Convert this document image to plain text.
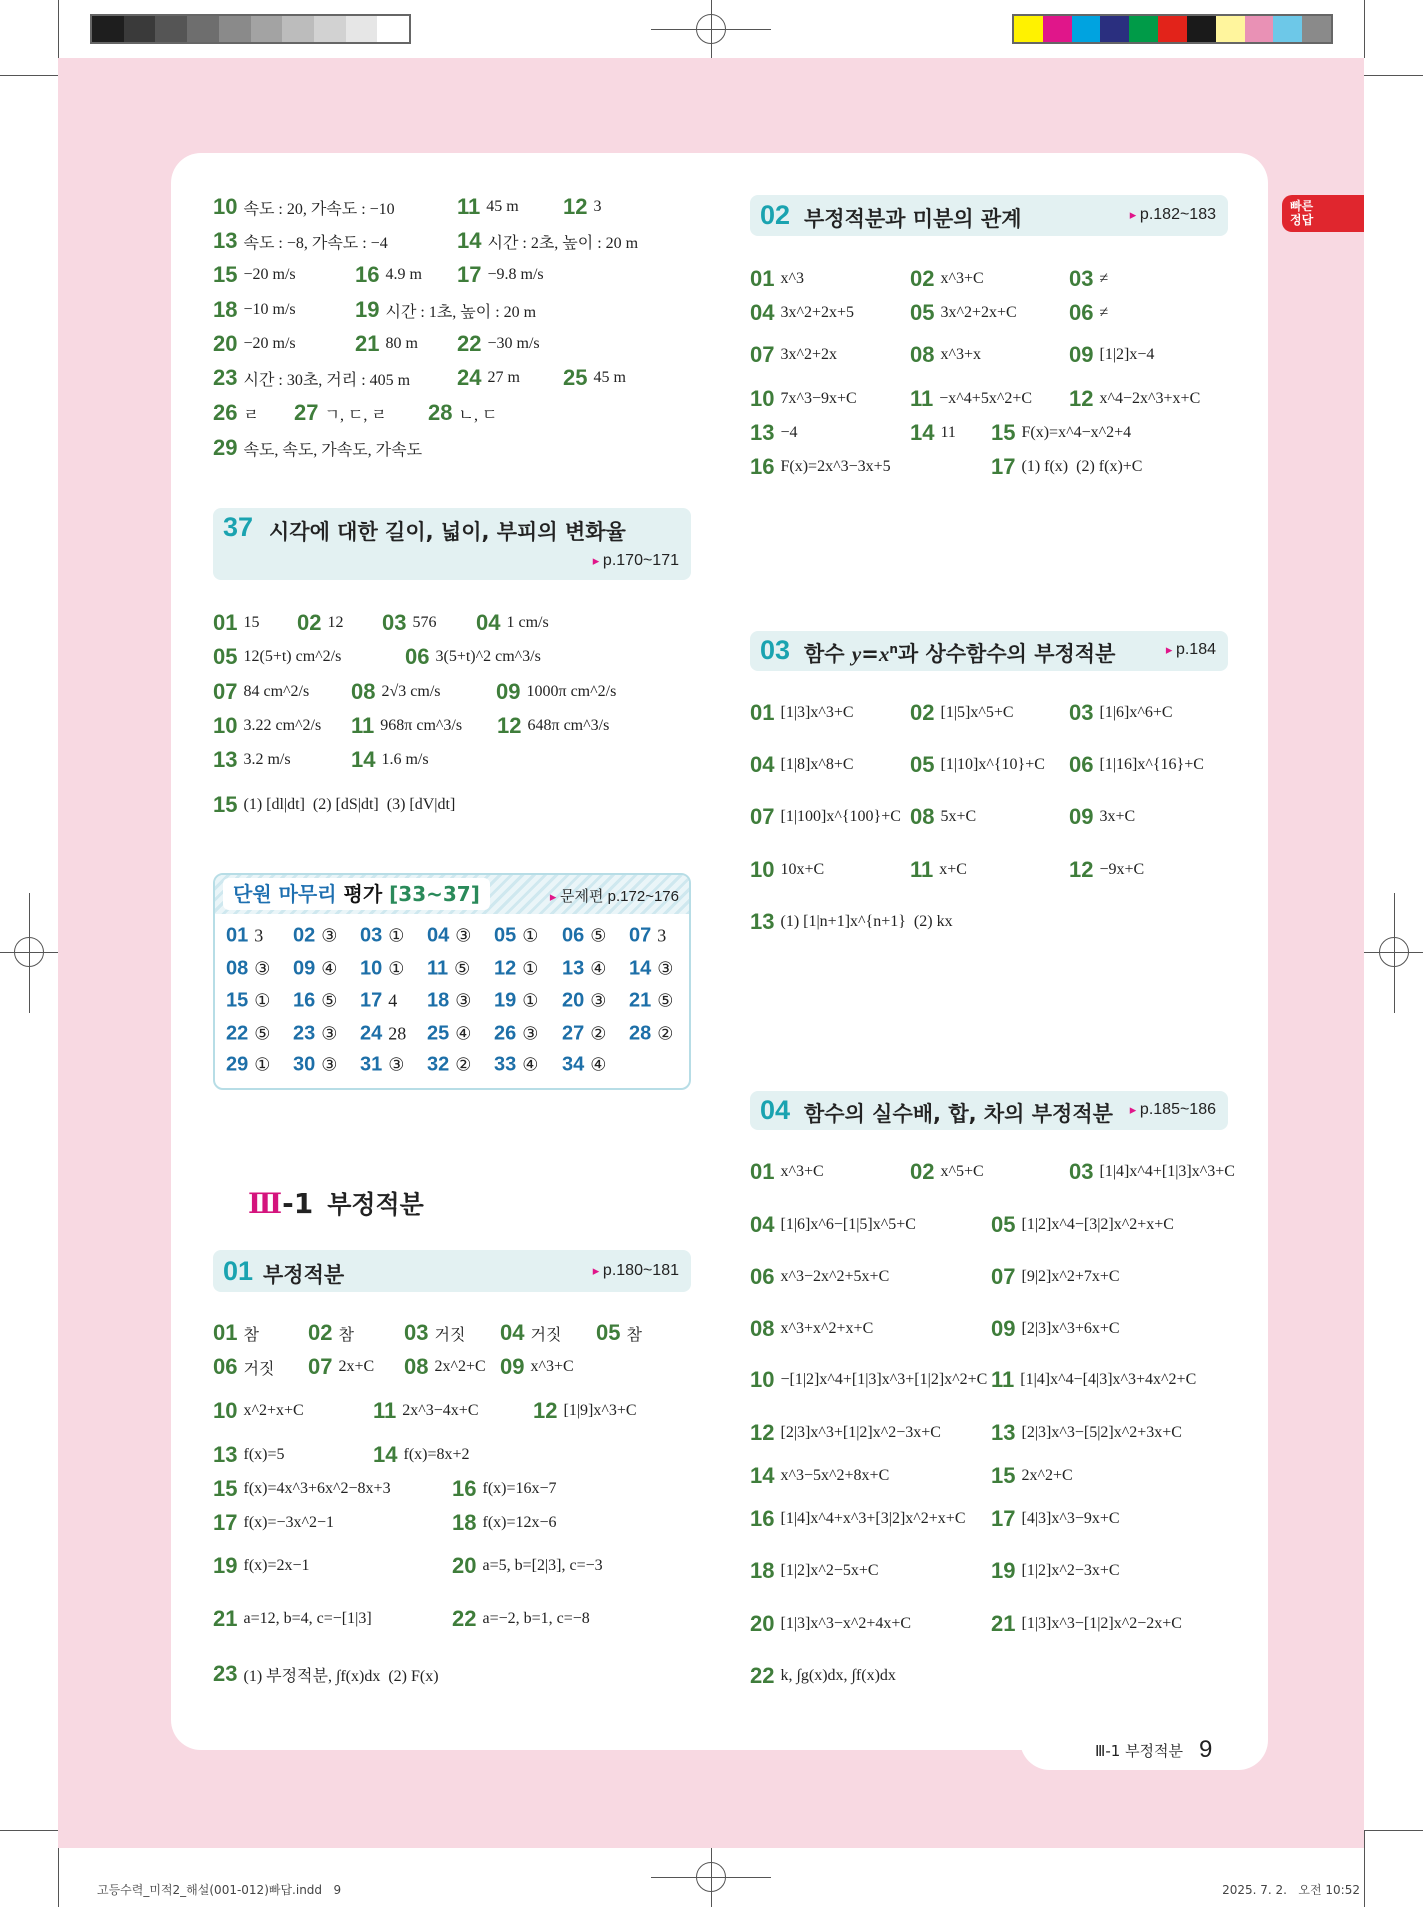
빠른
정답
37 시각에 대한 길이, 넓이, 부피의 변화율
▸ p.170~171
단원 마무리 평가 [33~37]	▸ 문제편 p.172~176
Ⅲ-1 부정적분
01 부정적분	▸ p.180~181
02 부정적분과 미분의 관계	▸ p.182~183
03 함수 $y=x^n$과 상수함수의 부정적분	▸ p.184
04 함수의 실수배, 합, 차의 부정적분	▸ p.185~186
10 속도 : 20, 가속도 : −10	11 45 m 12 3
13 속도 : −8, 가속도 : −4	14 시간 : 2초, 높이 : 20 m
15 −20 m/s	16 4.9 m 17 −9.8 m/s
18 −10 m/s	19 시간 : 1초, 높이 : 20 m
20 −20 m/s	21 80 m 22 −30 m/s
23 시간 : 30초, 거리 : 405 m 24 27 m 25 45 m
26 ㄹ 27 ㄱ, ㄷ, ㄹ 28 ㄴ, ㄷ
29 속도, 속도, 가속도, 가속도
01 15 02 12 03 576 04 1 cm/s
05 12(5+t) cm^2/s	06 3(5+t)^2 cm^3/s
07 84 cm^2/s 08 2√3 cm/s	09 1000π cm^2/s
10 3.22 cm^2/s 11 968π cm^3/s 12 648π cm^3/s
13 3.2 m/s	14 1.6 m/s
15 (1) [dl|dt]  (2) [dS|dt]  (3) [dV|dt]
01 3 02 ③ 03 ① 04 ③ 05 ① 06 ⑤ 07 3
08 ③ 09 ④ 10 ① 11 ⑤ 12 ① 13 ④ 14 ③
15 ① 16 ⑤ 17 4 18 ③ 19 ① 20 ③ 21 ⑤
22 ⑤ 23 ③ 24 28 25 ④ 26 ③ 27 ② 28 ②
29 ① 30 ③ 31 ③ 32 ② 33 ④ 34 ④
01 참 02 참 03 거짓 04 거짓 05 참
06 거짓 07 2x+C 08 2x^2+C 09 x^3+C
10 x^2+x+C	11 2x^3−4x+C 12 [1|9]x^3+C
13 f(x)=5	14 f(x)=8x+2
15 f(x)=4x^3+6x^2−8x+3	16 f(x)=16x−7
17 f(x)=−3x^2−1	18 f(x)=12x−6
19 f(x)=2x−1	20 a=5, b=[2|3], c=−3
21 a=12, b=4, c=−[1|3]	22 a=−2, b=1, c=−8
23 (1) 부정적분, ∫f(x)dx  (2) F(x)
01 x^3	02 x^3+C	03 ≠
04 3x^2+2x+5	05 3x^2+2x+C 06 ≠
07 3x^2+2x	08 x^3+x	09 [1|2]x−4
10 7x^3−9x+C 11 −x^4+5x^2+C 12 x^4−2x^3+x+C
13 −4	14 11 15 F(x)=x^4−x^2+4
16 F(x)=2x^3−3x+5	17 (1) f(x)  (2) f(x)+C
01 [1|3]x^3+C	02 [1|5]x^5+C	03 [1|6]x^6+C
04 [1|8]x^8+C	05 [1|10]x^{10}+C 06 [1|16]x^{16}+C
07 [1|100]x^{100}+C 08 5x+C	09 3x+C
10 10x+C	11 x+C	12 −9x+C
13 (1) [1|n+1]x^{n+1}  (2) kx
01 x^3+C	02 x^5+C	03 [1|4]x^4+[1|3]x^3+C
04 [1|6]x^6−[1|5]x^5+C	05 [1|2]x^4−[3|2]x^2+x+C
06 x^3−2x^2+5x+C	07 [9|2]x^2+7x+C
08 x^3+x^2+x+C	09 [2|3]x^3+6x+C
10 −[1|2]x^4+[1|3]x^3+[1|2]x^2+C 11 [1|4]x^4−[4|3]x^3+4x^2+C
12 [2|3]x^3+[1|2]x^2−3x+C 13 [2|3]x^3−[5|2]x^2+3x+C
14 x^3−5x^2+8x+C	15 2x^2+C
16 [1|4]x^4+x^3+[3|2]x^2+x+C 17 [4|3]x^3−9x+C
18 [1|2]x^2−5x+C	19 [1|2]x^2−3x+C
20 [1|3]x^3−x^2+4x+C	21 [1|3]x^3−[1|2]x^2−2x+C
22 k, ∫g(x)dx, ∫f(x)dx
Ⅲ-1 부정적분 9
고등수력_미적2_해설(001-012)빠답.indd   9	2025. 7. 2.   오전 10:52
